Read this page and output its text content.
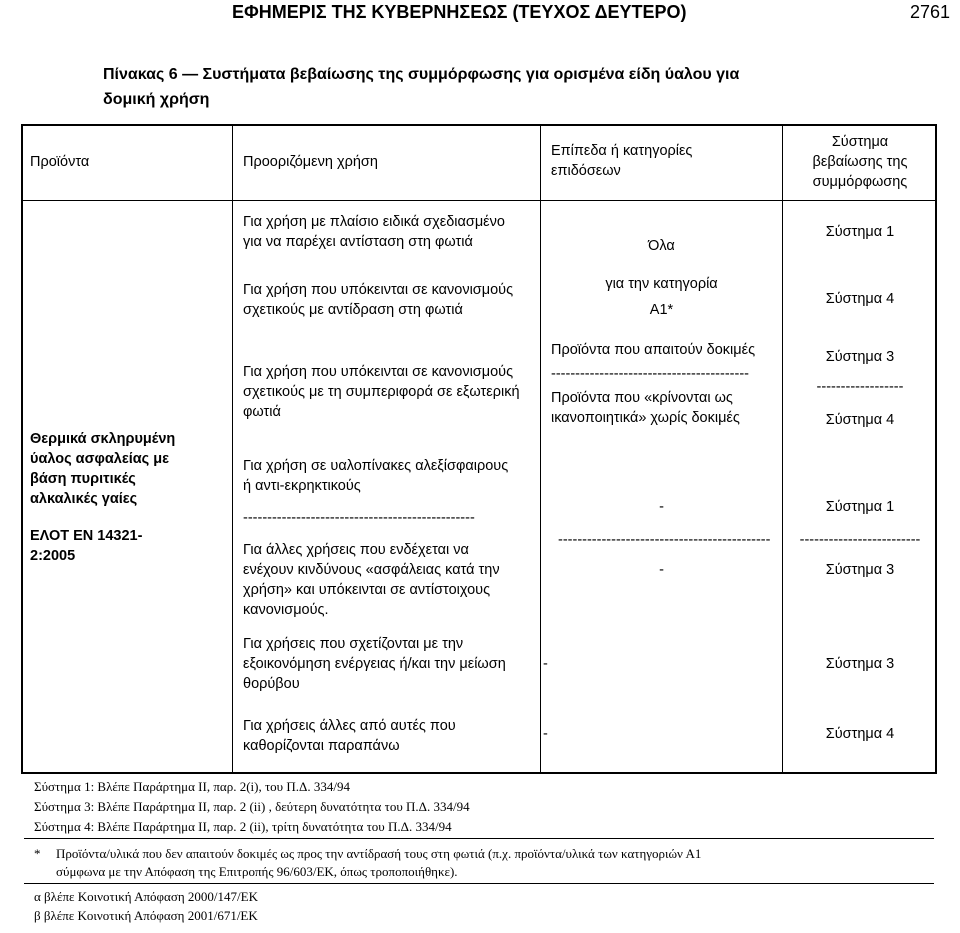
ΕΦΗΜΕΡΙΣ ΤΗΣ ΚΥΒΕΡΝΗΣΕΩΣ (ΤΕΥΧΟΣ ΔΕΥΤΕΡΟ)	2761
Πίνακας 6 ― Συστήματα βεβαίωσης της συμμόρφωσης για ορισμένα είδη ύαλου για
δομική χρήση
Προϊόντα	Προοριζόμενη χρήση
Επίπεδα ή κατηγορίες
επιδόσεων
Σύστημα
βεβαίωσης της
συμμόρφωσης
Θερμικά σκληρυμένη
ύαλος ασφαλείας με
βάση πυριτικές
αλκαλικές γαίες
ΕΛΟΤ ΕΝ 14321-
2:2005
Για χρήση με πλαίσιο ειδικά σχεδιασμένο
για να παρέχει αντίσταση στη φωτιά
Για χρήση που υπόκεινται σε κανονισμούς
σχετικούς με αντίδραση στη φωτιά
Για χρήση που υπόκεινται σε κανονισμούς
σχετικούς με τη συμπεριφορά σε εξωτερική
φωτιά
Για χρήση σε υαλοπίνακες αλεξίσφαιρους
ή αντι-εκρηκτικούς
------------------------------------------------
Για άλλες χρήσεις που ενδέχεται να
ενέχουν κινδύνους «ασφάλειας κατά την
χρήση» και υπόκεινται σε αντίστοιχους
κανονισμούς.
Για χρήσεις που σχετίζονται με την
εξοικονόμηση ενέργειας ή/και την μείωση
θορύβου
Για χρήσεις άλλες από αυτές που
καθορίζονται παραπάνω
Όλα
για την κατηγορία
Α1*
Προϊόντα που απαιτούν δοκιμές
-----------------------------------------
Προϊόντα που «κρίνονται ως
ικανοποιητικά» χωρίς δοκιμές
-
--------------------------------------------
-
-
-
Σύστημα 1
Σύστημα 4
Σύστημα 3
------------------
Σύστημα 4
Σύστημα 1
-------------------------
Σύστημα 3
Σύστημα 3
Σύστημα 4
Σύστημα 1: Βλέπε Παράρτημα ΙΙ, παρ. 2(i), του Π.Δ. 334/94
Σύστημα 3: Βλέπε Παράρτημα ΙΙ, παρ. 2 (ii) , δεύτερη δυνατότητα του Π.Δ. 334/94
Σύστημα 4: Βλέπε Παράρτημα ΙΙ, παρ. 2 (ii), τρίτη δυνατότητα του Π.Δ. 334/94
* Προϊόντα/υλικά που δεν απαιτούν δοκιμές ως προς την αντίδρασή τους στη φωτιά (π.χ. προϊόντα/υλικά των κατηγοριών Α1
σύμφωνα με την Απόφαση της Επιτροπής 96/603/ΕΚ, όπως τροποποιήθηκε).
α βλέπε Κοινοτική Απόφαση 2000/147/ΕΚ
β βλέπε Κοινοτική Απόφαση 2001/671/ΕΚ
